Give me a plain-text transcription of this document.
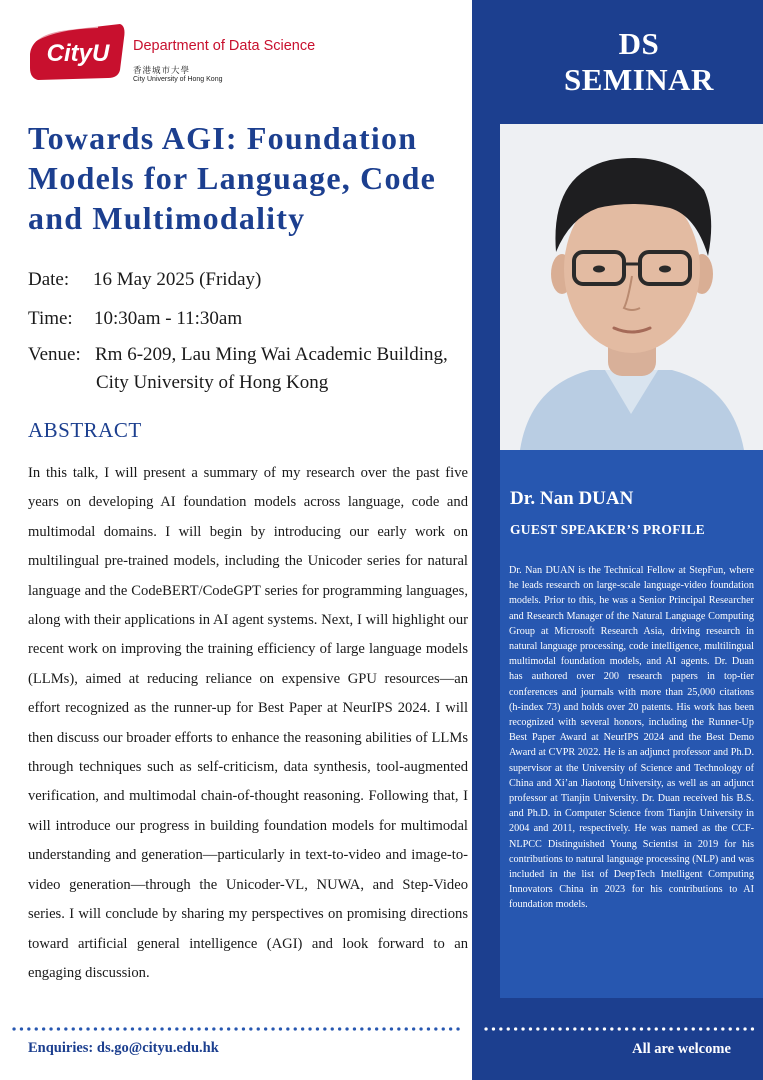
DS
SEMINAR
Dr. Nan DUAN
GUEST SPEAKER’S PROFILE
Dr. Nan DUAN is the Technical Fellow at StepFun, where he leads research on large-scale language-video foundation models. Prior to this, he was a Senior Principal Researcher and Research Manager of the Natural Language Computing Group at Microsoft Research Asia, driving research in natural language processing, code intelligence, multilingual multimodal foundation models, and AI agents. Dr. Duan has authored over 200 research papers in top-tier conferences and journals with more than 25,000 citations (h-index 73) and holds over 20 patents. His work has been recognized with several honors, including the Runner-Up Best Paper Award at NeurIPS 2024 and the Best Demo Award at CVPR 2022. He is an adjunct professor and Ph.D. supervisor at the University of Science and Technology of China and Xi’an Jiaotong University, as well as an adjunct professor at Tianjin University. Dr. Duan received his B.S. and Ph.D. in Computer Science from Tianjin University in 2004 and 2011, respectively. He was named as the CCF-NLPCC Distinguished Young Scientist in 2019 for his contributions to natural language processing (NLP) and was included in the list of DeepTech Intelligent Computing Innovators China in 2023 for his contributions to AI foundation models.
CityU	Department of Data Science
香港城市大學
City University of Hong Kong
Towards AGI: Foundation Models for Language, Code and Multimodality
Date: 16 May 2025 (Friday)
Time: 10:30am - 11:30am
Venue: Rm 6-209, Lau Ming Wai Academic Building,
City University of Hong Kong
ABSTRACT
In this talk, I will present a summary of my research over the past five years on developing AI foundation models across language, code and multimodal domains. I will begin by introducing our early work on multilingual pre-trained models, including the Unicoder series for natural language and the CodeBERT/CodeGPT series for programming languages, along with their applications in AI agent systems. Next, I will highlight our recent work on improving the training efficiency of large language models (LLMs), aimed at reducing reliance on expensive GPU resources—an effort recognized as the runner-up for Best Paper at NeurIPS 2024. I will then discuss our broader efforts to enhance the reasoning abilities of LLMs through techniques such as self-criticism, data synthesis, tool-augmented verification, and multimodal chain-of-thought reasoning. Following that, I will introduce our progress in building foundation models for multimodal understanding and generation—particularly in text-to-video and image-to-video generation—through the Unicoder-VL, NUWA, and Step-Video series. I will conclude by sharing my perspectives on promising directions toward artificial general intelligence (AGI) and look forward to an engaging discussion.
Enquiries: ds.go@cityu.edu.hk	All are welcome
